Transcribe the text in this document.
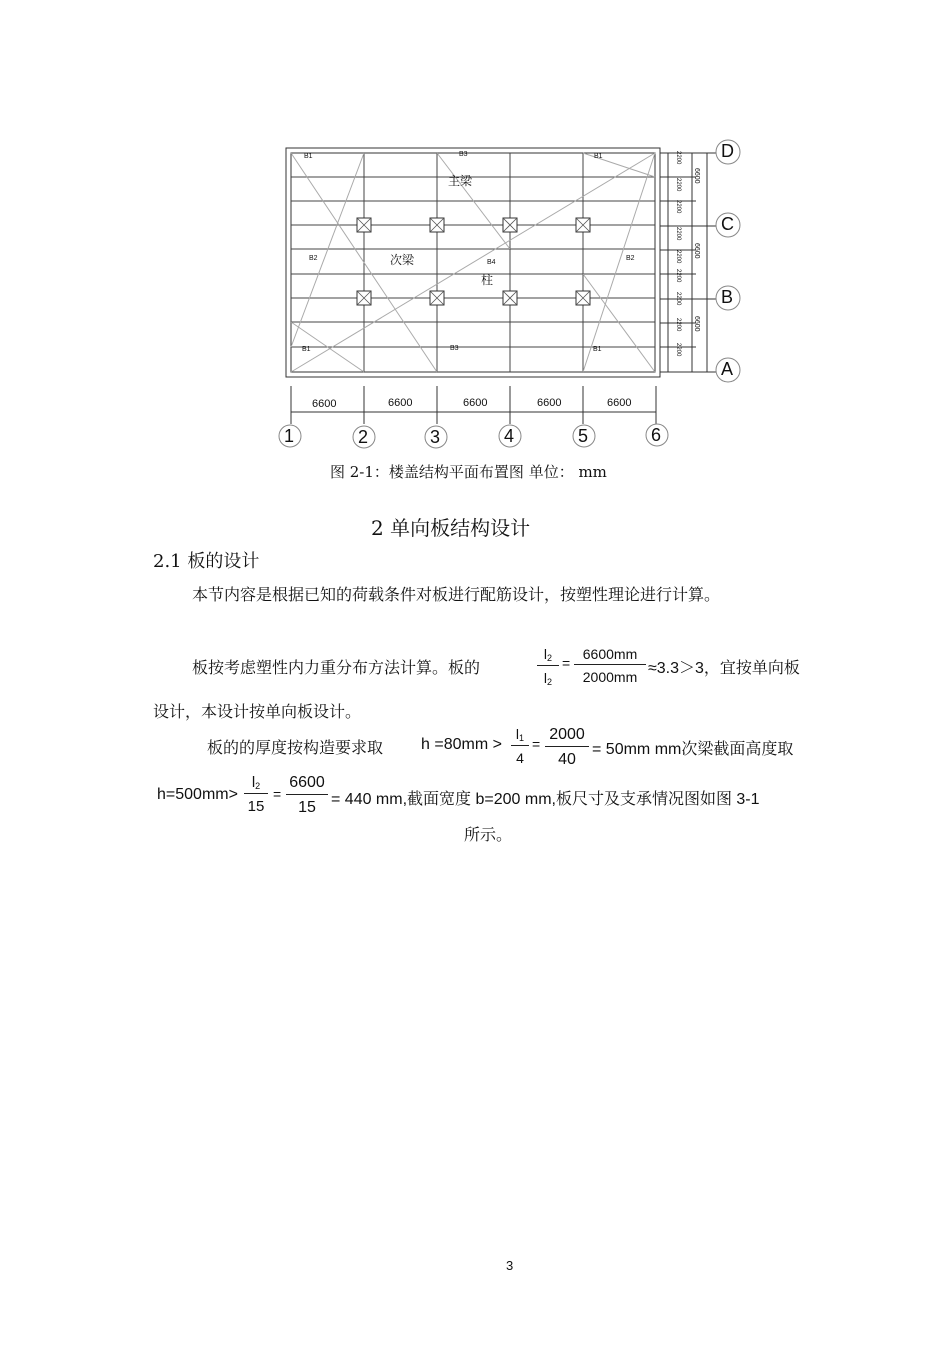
B1	B3	B1
主梁
B2	次梁	B4
柱
B2
B1	B3	B1
6600	6600	6600	6600	6600
1	2	3	4	5	6
D
C
B
A
2200
2200
2200
2200
2200
2200
2200
2200
2200
6600
6600
6600
图 2-1：楼盖结构平面布置图 单位： mm
2 单向板结构设计
2.1 板的设计
本节内容是根据已知的荷载条件对板进行配筋设计，按塑性理论进行计算。
板按考虑塑性内力重分布方法计算。板的	$\frac{l_2}{l_2} = \frac{6600mm}{2000mm} \approx 3.3>3$，宜按单向板
设计，本设计按单向板设计。
板的的厚度按构造要求取 $h =80mm > \frac{l_1}{4} = \frac{2000}{40} = 50mm$ mm次梁截面高度取
$h=500mm> \frac{l_2}{15} = \frac{6600}{15} = 440$ mm,截面宽度 b=200 mm,板尺寸及支承情况图如图 3-1
所示。
3
